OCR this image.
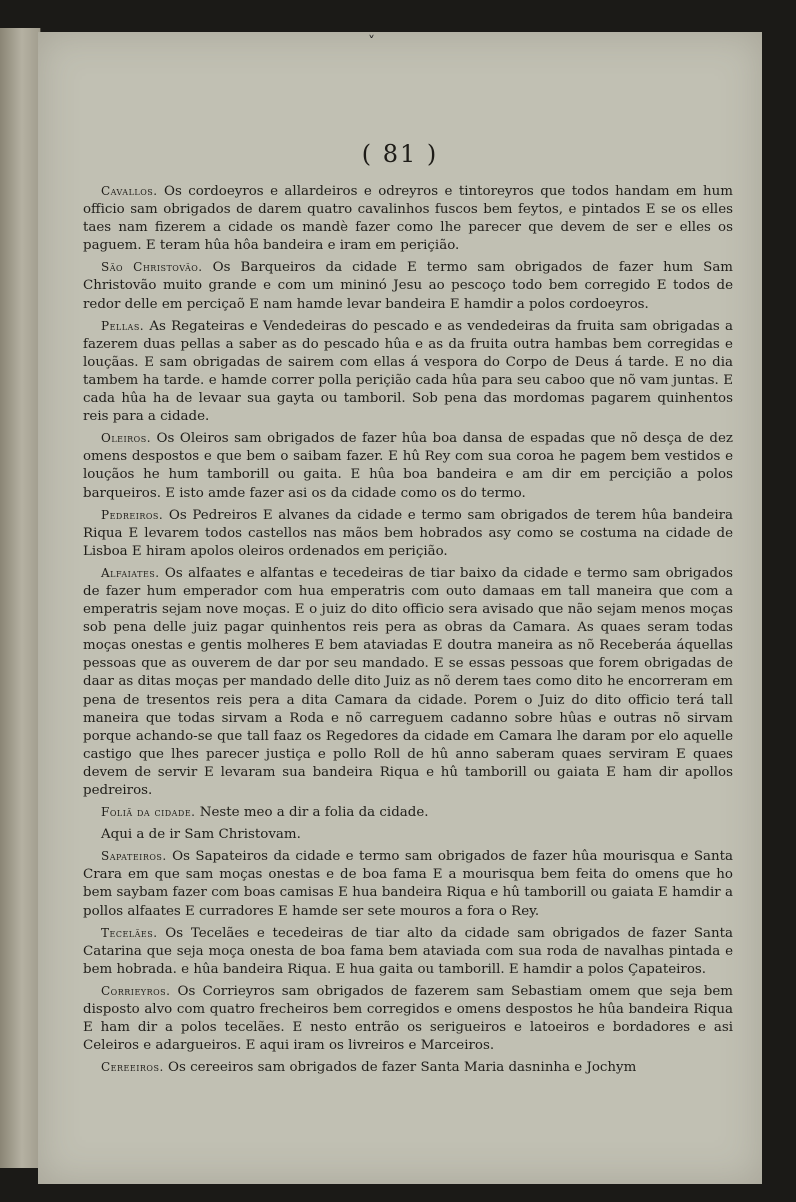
˅
( 81 )

Cavallos. Os cordoeyros e allardeiros e odreyros e tintoreyros que todos handam em hum officio sam obrigados de darem quatro cavalinhos fuscos bem feytos, e pintados E se os elles taes nam fizerem a cidade os mandè fazer como lhe parecer que devem de ser e elles os paguem. E teram hûa hôa bandeira e iram em periçião.

São Christovão. Os Barqueiros da cidade E termo sam obrigados de fazer hum Sam Christovão muito grande e com um mininó Jesu ao pescoço todo bem corregido E todos de redor delle em perciçaõ E nam hamde levar bandeira E hamdir a polos cordoeyros.

Pellas. As Regateiras e Vendedeiras do pescado e as vendedeiras da fruita sam obrigadas a fazerem duas pellas a saber as do pescado hûa e as da fruita outra hambas bem corregidas e louçãas. E sam obrigadas de sairem com ellas á vespora do Corpo de Deus á tarde. E no dia tambem ha tarde. e hamde correr polla periçião cada hûa para seu caboo que nõ vam juntas. E cada hûa ha de levaar sua gayta ou tamboril. Sob pena das mordomas pagarem quinhentos reis para a cidade.

Oleiros. Os Oleiros sam obrigados de fazer hûa boa dansa de espadas que nõ desça de dez omens despostos e que bem o saibam fazer. E hû Rey com sua coroa he pagem bem vestidos e louçãos he hum tamborill ou gaita. E hûa boa bandeira e am dir em perciçião a polos barqueiros. E isto amde fazer asi os da cidade como os do termo.

Pedreiros. Os Pedreiros E alvanes da cidade e termo sam obrigados de terem hûa bandeira Riqua E levarem todos castellos nas mãos bem hobrados asy como se costuma na cidade de Lisboa E hiram apolos oleiros ordenados em periçião.

Alfaiates. Os alfaates e alfantas e tecedeiras de tiar baixo da cidade e termo sam obrigados de fazer hum emperador com hua emperatris com outo damaas em tall maneira que com a emperatris sejam nove moças. E o juiz do dito officio sera avisado que não sejam menos moças sob pena delle juiz pagar quinhentos reis pera as obras da Camara. As quaes seram todas moças onestas e gentis molheres E bem ataviadas E doutra maneira as nõ Receberáa áquellas pessoas que as ouverem de dar por seu mandado. E se essas pessoas que forem obrigadas de daar as ditas moças per mandado delle dito Juiz as nõ derem taes como dito he encorreram em pena de tresentos reis pera a dita Camara da cidade. Porem o Juiz do dito officio terá tall maneira que todas sirvam a Roda e nõ carreguem cadanno sobre hûas e outras nõ sirvam porque achando-se que tall faaz os Regedores da cidade em Camara lhe daram por elo aquelle castigo que lhes parecer justiça e pollo Roll de hû anno saberam quaes serviram E quaes devem de servir E levaram sua bandeira Riqua e hû tamborill ou gaiata E ham dir apollos pedreiros.

Foliã da cidade. Neste meo a dir a folia da cidade.

Aqui a de ir Sam Christovam.

Sapateiros. Os Sapateiros da cidade e termo sam obrigados de fazer hûa mourisqua e Santa Crara em que sam moças onestas e de boa fama E a mourisqua bem feita do omens que ho bem saybam fazer com boas camisas E hua bandeira Riqua e hû tamborill ou gaiata E hamdir a pollos alfaates E curradores E hamde ser sete mouros a fora o Rey.

Tecelães. Os Tecelães e tecedeiras de tiar alto da cidade sam obrigados de fazer Santa Catarina que seja moça onesta de boa fama bem ataviada com sua roda de navalhas pintada e bem hobrada. e hûa bandeira Riqua. E hua gaita ou tamborill. E hamdir a polos Çapateiros.

Corrieyros. Os Corrieyros sam obrigados de fazerem sam Sebastiam omem que seja bem disposto alvo com quatro frecheiros bem corregidos e omens despostos he hûa bandeira Riqua E ham dir a polos tecelães. E nesto entrão os serigueiros e latoeiros e bordadores e asi Celeiros e adargueiros. E aqui iram os livreiros e Marceiros.

Cereeiros. Os cereeiros sam obrigados de fazer Santa Maria dasninha e Jochym
